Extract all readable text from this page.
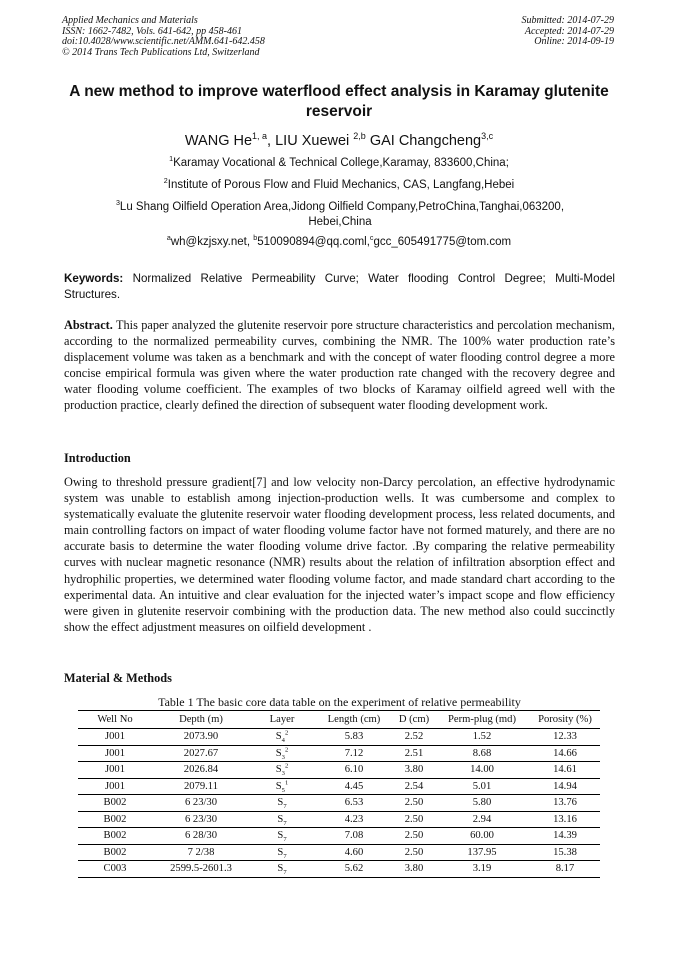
Applied Mechanics and Materials
ISSN: 1662-7482, Vols. 641-642, pp 458-461
doi:10.4028/www.scientific.net/AMM.641-642.458
© 2014 Trans Tech Publications Ltd, Switzerland
Submitted: 2014-07-29
Accepted: 2014-07-29
Online: 2014-09-19
A new method to improve waterflood effect analysis in Karamay glutenite reservoir
WANG He$^{1, a}$, LIU Xuewei $^{2,b}$ GAI Changcheng$^{3,c}$
$^1$Karamay Vocational & Technical College,Karamay, 833600,China;
$^2$Institute of Porous Flow and Fluid Mechanics, CAS, Langfang,Hebei
$^3$Lu Shang Oilfield Operation Area,Jidong Oilfield Company,PetroChina,Tanghai,063200, Hebei,China
$^a$wh@kzjsxy.net, $^b$510090894@qq.coml,$^c$gcc_605491775@tom.com
Keywords: Normalized Relative Permeability Curve; Water flooding Control Degree; Multi-Model Structures.
Abstract. This paper analyzed the glutenite reservoir pore structure characteristics and percolation mechanism, according to the normalized permeability curves, combining the NMR. The 100% water production rate’s displacement volume was taken as a benchmark and with the concept of water flooding control degree a more concise empirical formula was given where the water production rate changed with the recovery degree and water flooding volume coefficient. The examples of two blocks of Karamay oilfield agreed well with the production practice, clearly defined the direction of subsequent water flooding development work.
Introduction
Owing to threshold pressure gradient[7] and low velocity non-Darcy percolation, an effective hydrodynamic system was unable to establish among injection-production wells. It was cumbersome and complex to systematically evaluate the glutenite reservoir water flooding development process, less related documents, and main controlling factors on impact of water flooding volume factor have not formed maturely, and there are no accurate basis to determine the water flooding volume drive factor. .By comparing the relative permeability curves with nuclear magnetic resonance (NMR) results about the relation of infiltration absorption effect and hydrophilic properties, we determined water flooding volume factor, and made standard chart according to the experimental data. An intuitive and clear evaluation for the injected water’s impact scope and flow efficiency were given in glutenite reservoir combining with the production data. The new method also could succinctly show the effect adjustment measures on oilfield development .
Material & Methods
Table 1 The basic core data table on the experiment of relative permeability
Well No	Depth (m)	Layer	Length (cm)	D (cm)	Perm-plug (md)	Porosity (%)
J001	2073.90	$S_4^2$	5.83	2.52	1.52	12.33
J001	2027.67	$S_3^2$	7.12	2.51	8.68	14.66
J001	2026.84	$S_3^2$	6.10	3.80	14.00	14.61
J001	2079.11	$S_5^1$	4.45	2.54	5.01	14.94
B002	6 23/30	$S_7$	6.53	2.50	5.80	13.76
B002	6 23/30	$S_7$	4.23	2.50	2.94	13.16
B002	6 28/30	$S_7$	7.08	2.50	60.00	14.39
B002	7 2/38	$S_7$	4.60	2.50	137.95	15.38
C003	2599.5-2601.3	$S_7$	5.62	3.80	3.19	8.17
